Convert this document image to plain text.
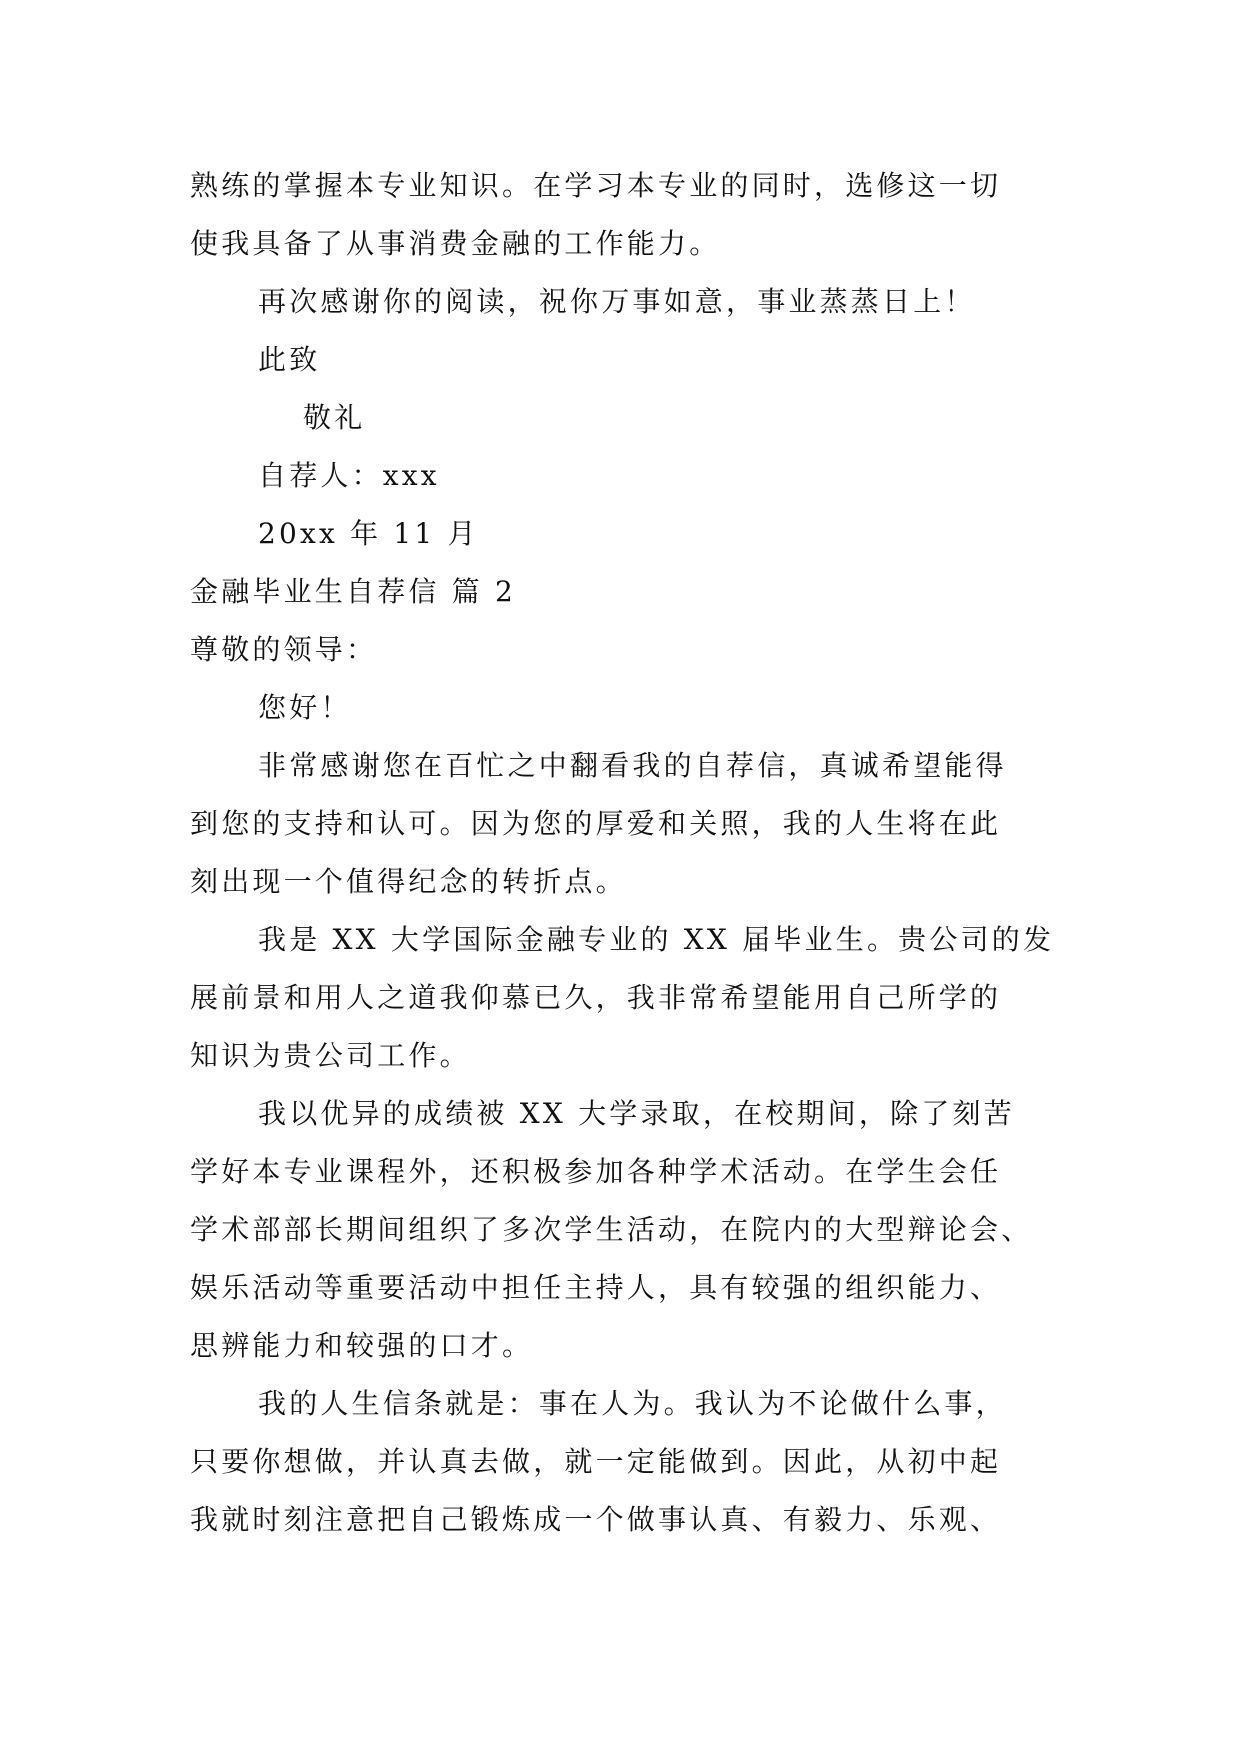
熟练的掌握本专业知识。在学习本专业的同时，选修这一切
使我具备了从事消费金融的工作能力。
再次感谢你的阅读，祝你万事如意，事业蒸蒸日上！
此致
敬礼
自荐人：xxx
20xx 年 11 月
金融毕业生自荐信 篇 2
尊敬的领导：
您好！
非常感谢您在百忙之中翻看我的自荐信，真诚希望能得
到您的支持和认可。因为您的厚爱和关照，我的人生将在此
刻出现一个值得纪念的转折点。
我是 XX 大学国际金融专业的 XX 届毕业生。贵公司的发
展前景和用人之道我仰慕已久，我非常希望能用自己所学的
知识为贵公司工作。
我以优异的成绩被 XX 大学录取，在校期间，除了刻苦
学好本专业课程外，还积极参加各种学术活动。在学生会任
学术部部长期间组织了多次学生活动，在院内的大型辩论会、
娱乐活动等重要活动中担任主持人，具有较强的组织能力、
思辨能力和较强的口才。
我的人生信条就是：事在人为。我认为不论做什么事，
只要你想做，并认真去做，就一定能做到。因此，从初中起
我就时刻注意把自己锻炼成一个做事认真、有毅力、乐观、
